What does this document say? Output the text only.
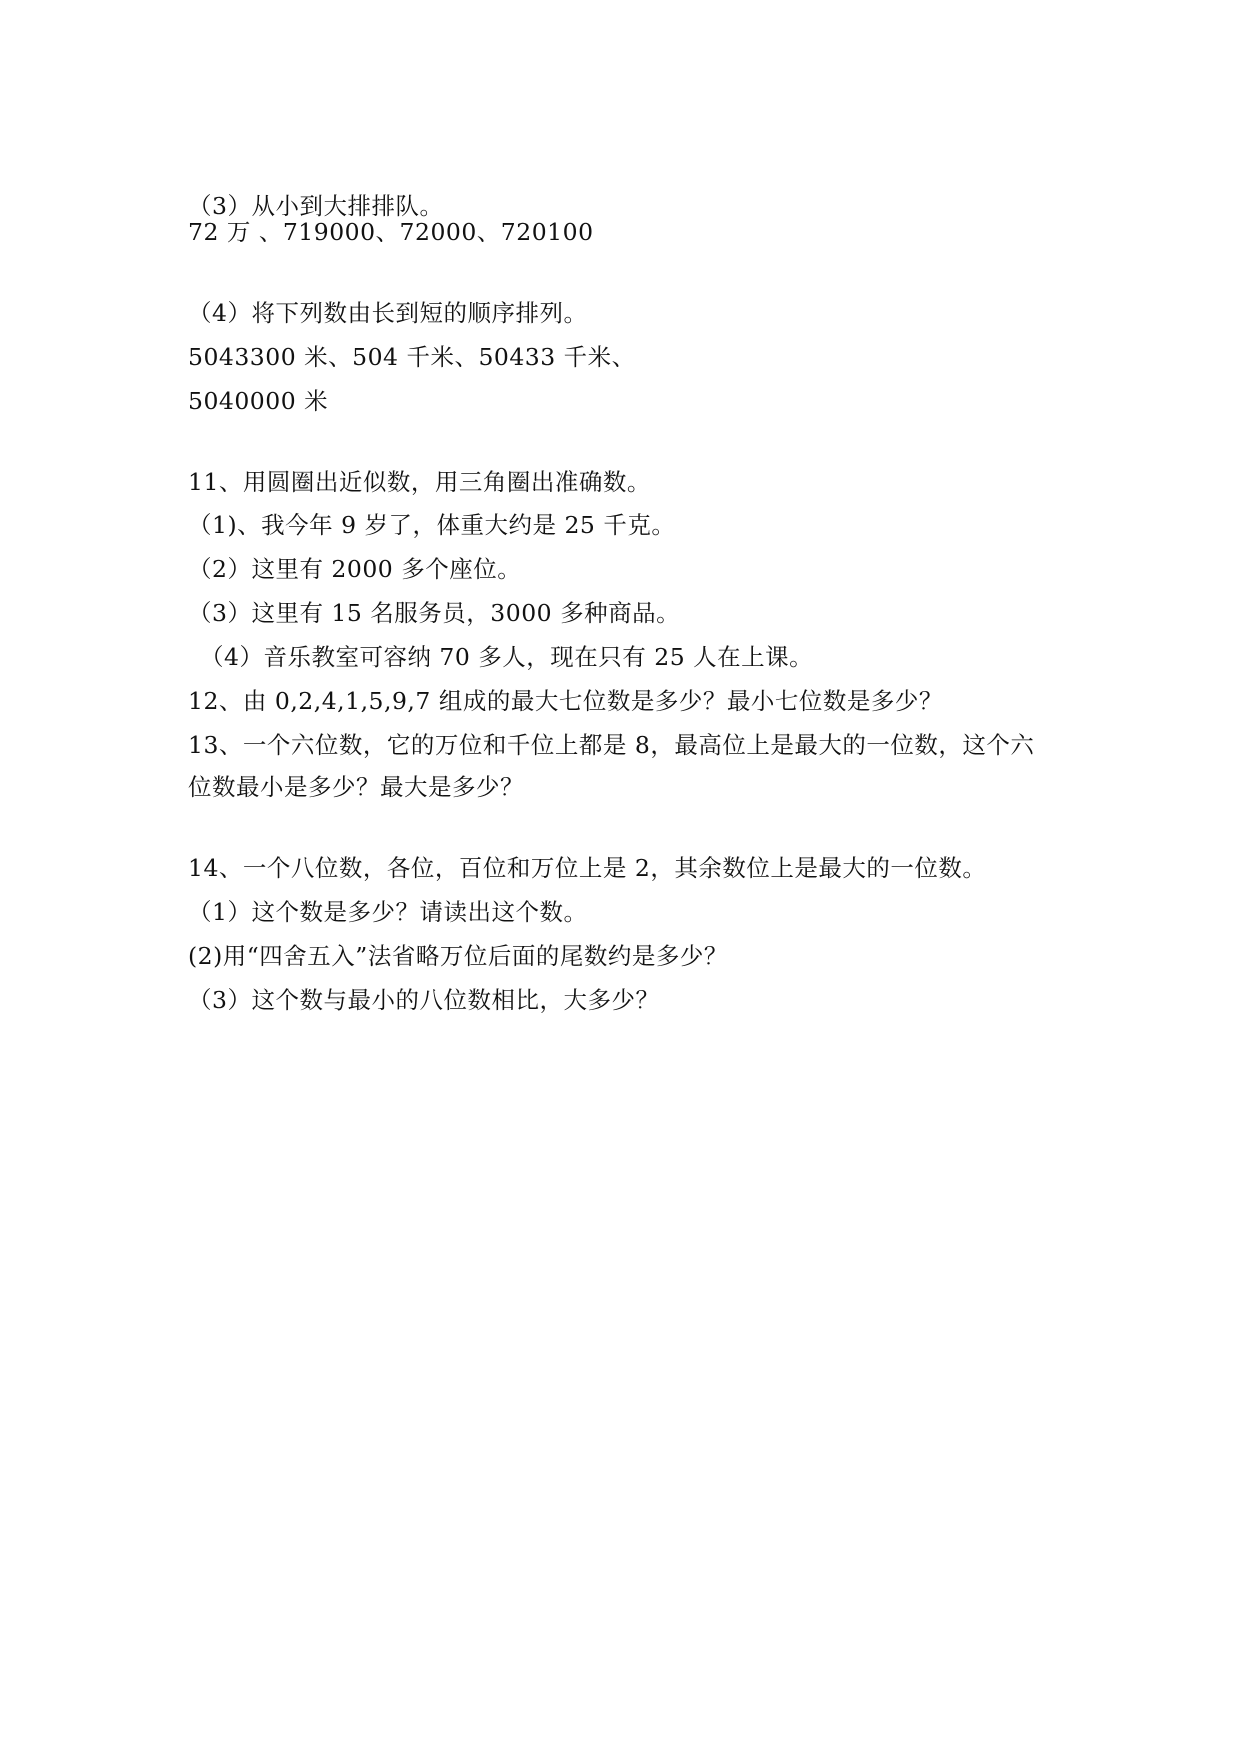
（3）从小到大排排队。
72 万 、719000、72000、720100
（4）将下列数由长到短的顺序排列。
5043300 米、504 千米、50433 千米、
5040000 米
11、用圆圈出近似数，用三角圈出准确数。
（1)、我今年 9 岁了，体重大约是 25 千克。
（2）这里有 2000 多个座位。
（3）这里有 15 名服务员，3000 多种商品。
（4）音乐教室可容纳 70 多人，现在只有 25 人在上课。
12、由 0,2,4,1,5,9,7 组成的最大七位数是多少？最小七位数是多少？
13、一个六位数，它的万位和千位上都是 8，最高位上是最大的一位数，这个六
位数最小是多少？最大是多少？
14、一个八位数，各位，百位和万位上是 2，其余数位上是最大的一位数。
（1）这个数是多少？请读出这个数。
(2)用“四舍五入”法省略万位后面的尾数约是多少？
（3）这个数与最小的八位数相比，大多少？
